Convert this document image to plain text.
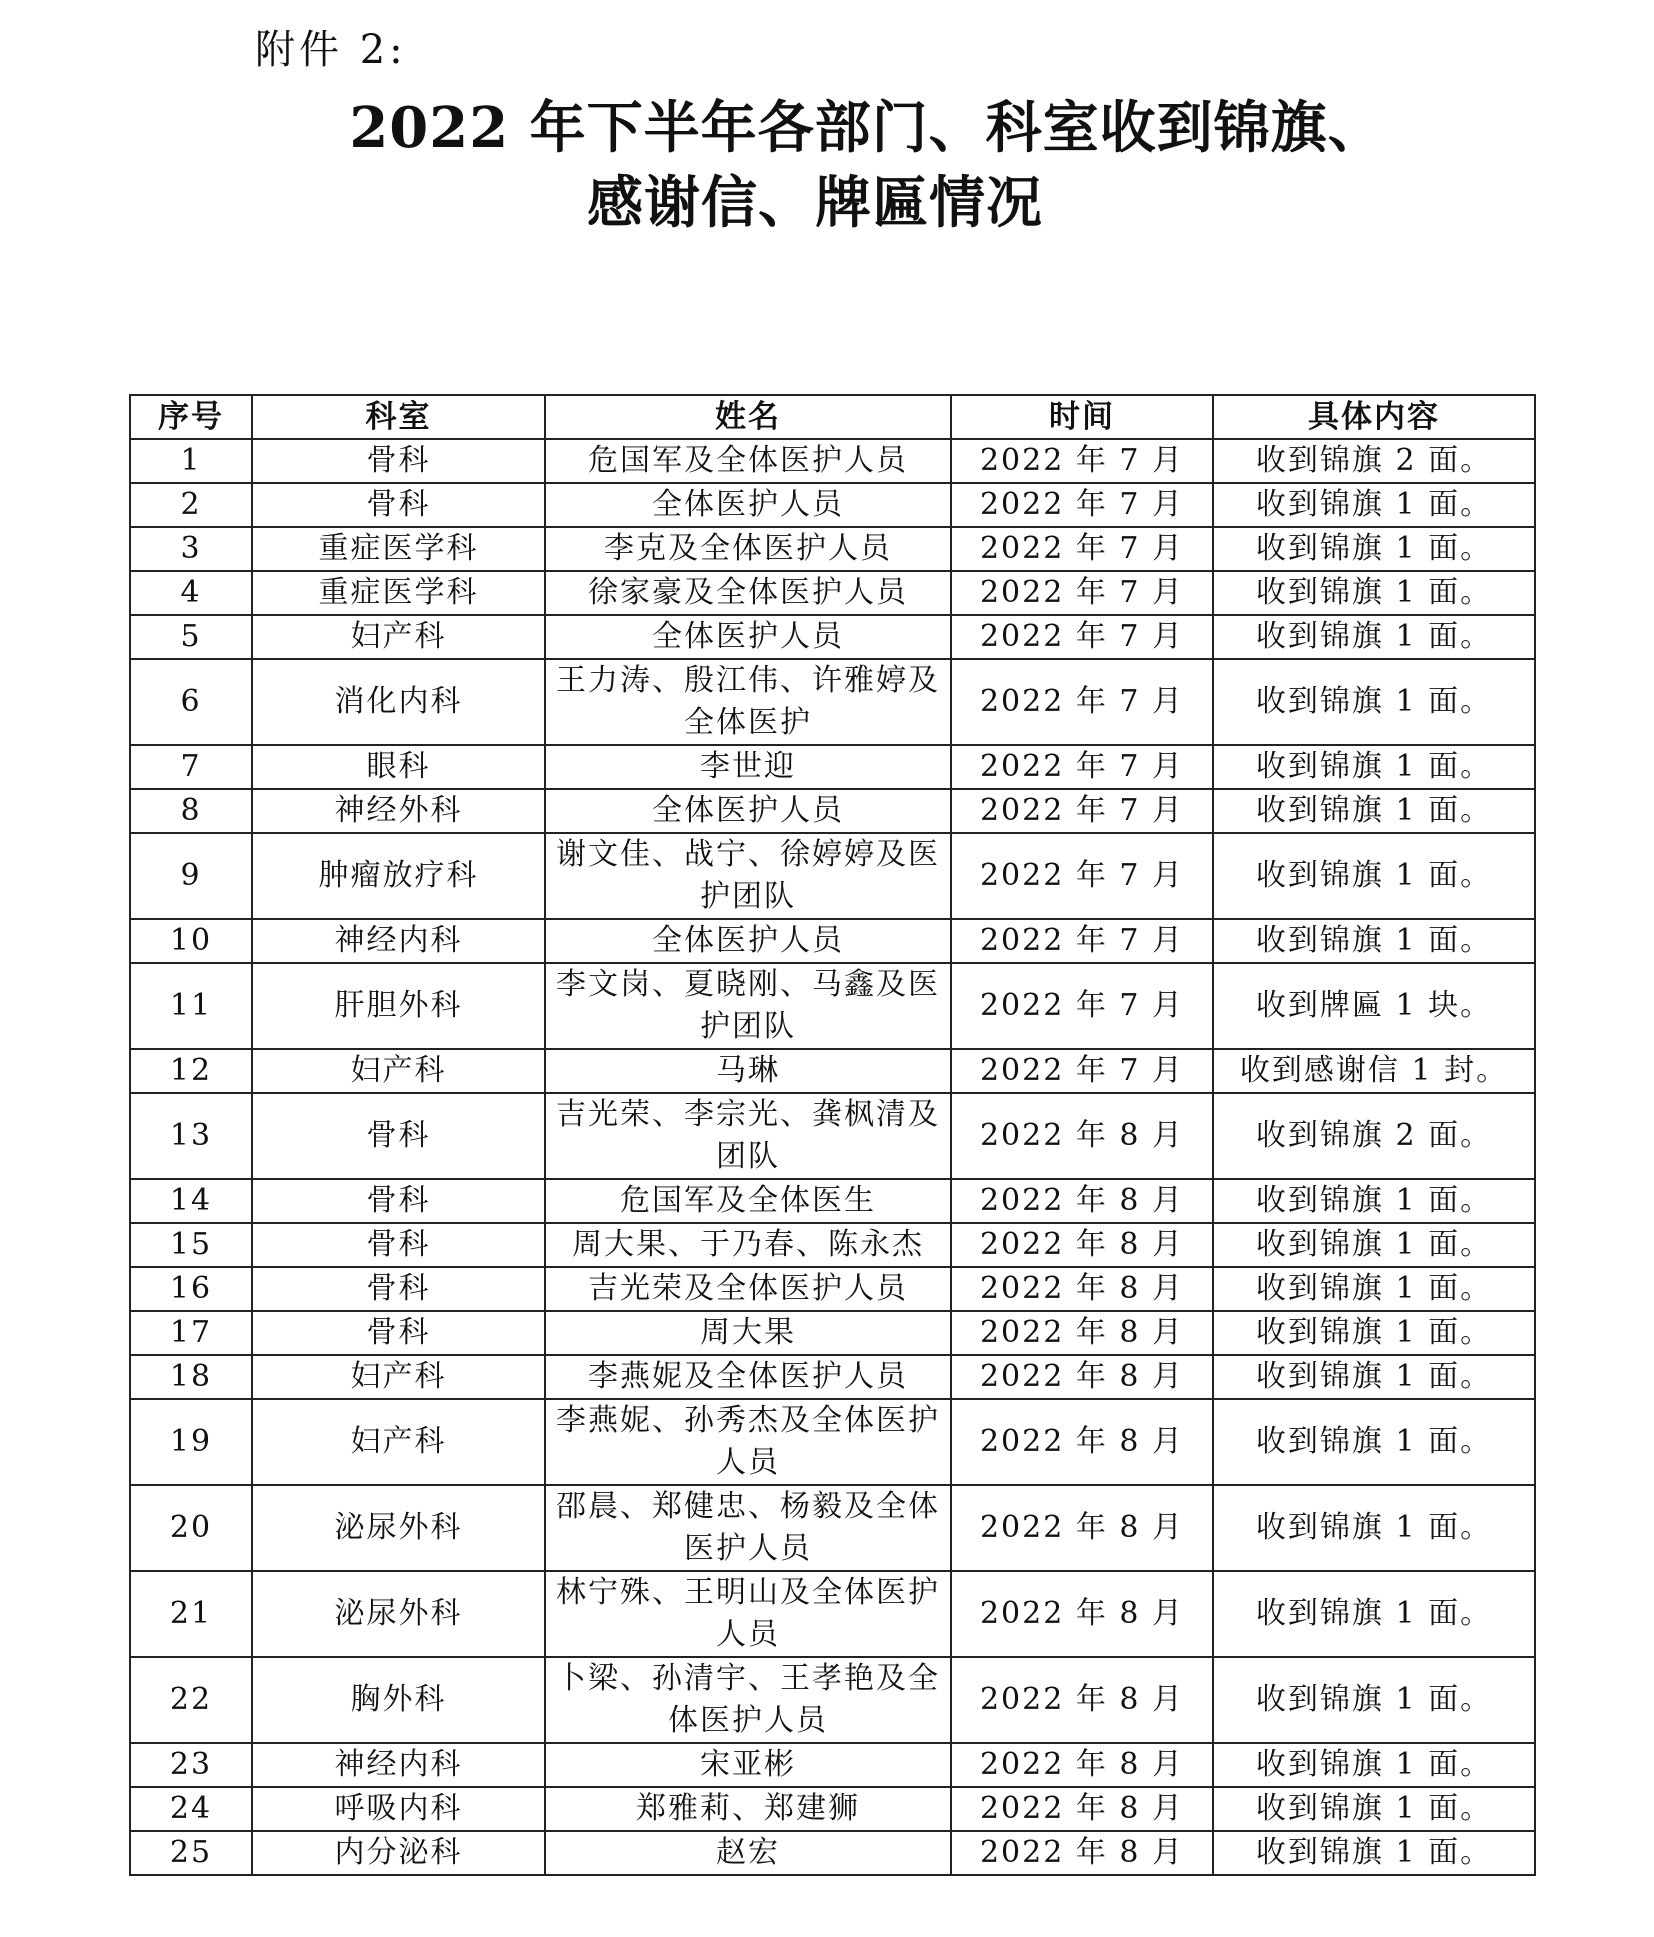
附件 2:
2022 年下半年各部门、科室收到锦旗、
感谢信、牌匾情况
序号	科室	姓名	时间	具体内容
1	骨科	危国军及全体医护人员	2022 年 7 月	收到锦旗 2 面。
2	骨科	全体医护人员	2022 年 7 月	收到锦旗 1 面。
3	重症医学科	李克及全体医护人员	2022 年 7 月	收到锦旗 1 面。
4	重症医学科	徐家豪及全体医护人员	2022 年 7 月	收到锦旗 1 面。
5	妇产科	全体医护人员	2022 年 7 月	收到锦旗 1 面。
6	消化内科	王力涛、殷江伟、许雅婷及全体医护	2022 年 7 月	收到锦旗 1 面。
7	眼科	李世迎	2022 年 7 月	收到锦旗 1 面。
8	神经外科	全体医护人员	2022 年 7 月	收到锦旗 1 面。
9	肿瘤放疗科	谢文佳、战宁、徐婷婷及医护团队	2022 年 7 月	收到锦旗 1 面。
10	神经内科	全体医护人员	2022 年 7 月	收到锦旗 1 面。
11	肝胆外科	李文岗、夏晓刚、马鑫及医护团队	2022 年 7 月	收到牌匾 1 块。
12	妇产科	马琳	2022 年 7 月	收到感谢信 1 封。
13	骨科	吉光荣、李宗光、龚枫清及团队	2022 年 8 月	收到锦旗 2 面。
14	骨科	危国军及全体医生	2022 年 8 月	收到锦旗 1 面。
15	骨科	周大果、于乃春、陈永杰	2022 年 8 月	收到锦旗 1 面。
16	骨科	吉光荣及全体医护人员	2022 年 8 月	收到锦旗 1 面。
17	骨科	周大果	2022 年 8 月	收到锦旗 1 面。
18	妇产科	李燕妮及全体医护人员	2022 年 8 月	收到锦旗 1 面。
19	妇产科	李燕妮、孙秀杰及全体医护人员	2022 年 8 月	收到锦旗 1 面。
20	泌尿外科	邵晨、郑健忠、杨毅及全体医护人员	2022 年 8 月	收到锦旗 1 面。
21	泌尿外科	林宁殊、王明山及全体医护人员	2022 年 8 月	收到锦旗 1 面。
22	胸外科	卜梁、孙清宇、王孝艳及全体医护人员	2022 年 8 月	收到锦旗 1 面。
23	神经内科	宋亚彬	2022 年 8 月	收到锦旗 1 面。
24	呼吸内科	郑雅莉、郑建狮	2022 年 8 月	收到锦旗 1 面。
25	内分泌科	赵宏	2022 年 8 月	收到锦旗 1 面。
